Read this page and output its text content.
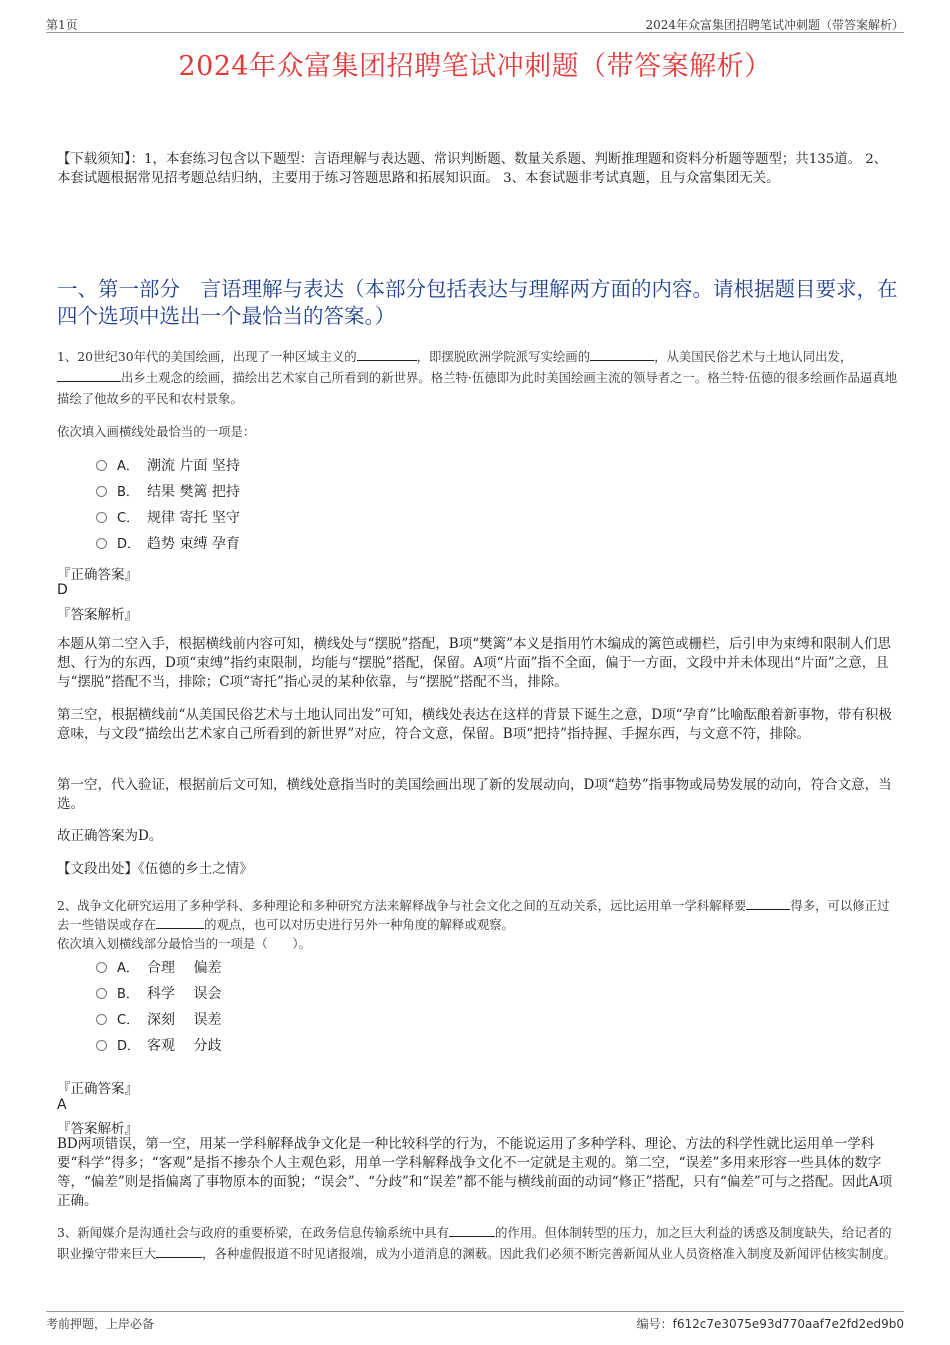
第1页	2024年众富集团招聘笔试冲刺题（带答案解析）
2024年众富集团招聘笔试冲刺题（带答案解析）
【下载须知】：1，本套练习包含以下题型：言语理解与表达题、常识判断题、数量关系题、判断推理题和资料分析题等题型；共135道。 2、本套试题根据常见招考题总结归纳，主要用于练习答题思路和拓展知识面。 3、本套试题非考试真题，且与众富集团无关。
一、第一部分　言语理解与表达（本部分包括表达与理解两方面的内容。请根据题目要求，在四个选项中选出一个最恰当的答案。）
1、20世纪30年代的美国绘画，出现了一种区域主义的	，即摆脱欧洲学院派写实绘画的	，从美国民俗艺术与土地认同出发，出乡土观念的绘画，描绘出艺术家自己所看到的新世界。格兰特·伍德即为此时美国绘画主流的领导者之一。格兰特·伍德的很多绘画作品逼真地描绘了他故乡的平民和农村景象。
依次填入画横线处最恰当的一项是：
A． 潮流 片面 坚持
B． 结果 樊篱 把持
C． 规律 寄托 坚守
D． 趋势 束缚 孕育
『正确答案』
D
『答案解析』
本题从第二空入手，根据横线前内容可知，横线处与“摆脱”搭配，B项“樊篱”本义是指用竹木编成的篱笆或栅栏，后引申为束缚和限制人们思想、行为的东西，D项“束缚”指约束限制，均能与“摆脱”搭配，保留。A项“片面”指不全面，偏于一方面，文段中并未体现出“片面”之意，且与“摆脱”搭配不当，排除；C项“寄托”指心灵的某种依靠，与“摆脱”搭配不当，排除。
第三空，根据横线前“从美国民俗艺术与土地认同出发”可知，横线处表达在这样的背景下诞生之意，D项“孕育”比喻酝酿着新事物，带有积极意味，与文段“描绘出艺术家自己所看到的新世界”对应，符合文意，保留。B项“把持”指持握、手握东西，与文意不符，排除。
第一空，代入验证，根据前后文可知，横线处意指当时的美国绘画出现了新的发展动向，D项“趋势”指事物或局势发展的动向，符合文意，当选。
故正确答案为D。
【文段出处】《伍德的乡土之情》
2、战争文化研究运用了多种学科、多种理论和多种研究方法来解释战争与社会文化之间的互动关系，远比运用单一学科解释要	得多，可以修正过去一些错误或存在	的观点，也可以对历史进行另外一种角度的解释或观察。
依次填入划横线部分最恰当的一项是（　　）。
A． 合理　 偏差
B． 科学　 误会
C． 深刻　 误差
D． 客观　 分歧
『正确答案』
A
『答案解析』
BD两项错误，第一空，用某一学科解释战争文化是一种比较科学的行为，不能说运用了多种学科、理论、方法的科学性就比运用单一学科要“科学”得多；“客观”是指不掺杂个人主观色彩，用单一学科解释战争文化不一定就是主观的。第二空，“误差”多用来形容一些具体的数字等，“偏差”则是指偏离了事物原本的面貌；“误会”、“分歧”和“误差”都不能与横线前面的动词“修正”搭配，只有“偏差”可与之搭配。因此A项正确。
3、新闻媒介是沟通社会与政府的重要桥梁，在政务信息传输系统中具有	的作用。但体制转型的压力，加之巨大利益的诱惑及制度缺失，给记者的职业操守带来巨大	，各种虚假报道不时见诸报端，成为小道消息的渊薮。因此我们必须不断完善新闻从业人员资格准入制度及新闻评估核实制度。
考前押题，上岸必备	编号：f612c7e3075e93d770aaf7e2fd2ed9b0
